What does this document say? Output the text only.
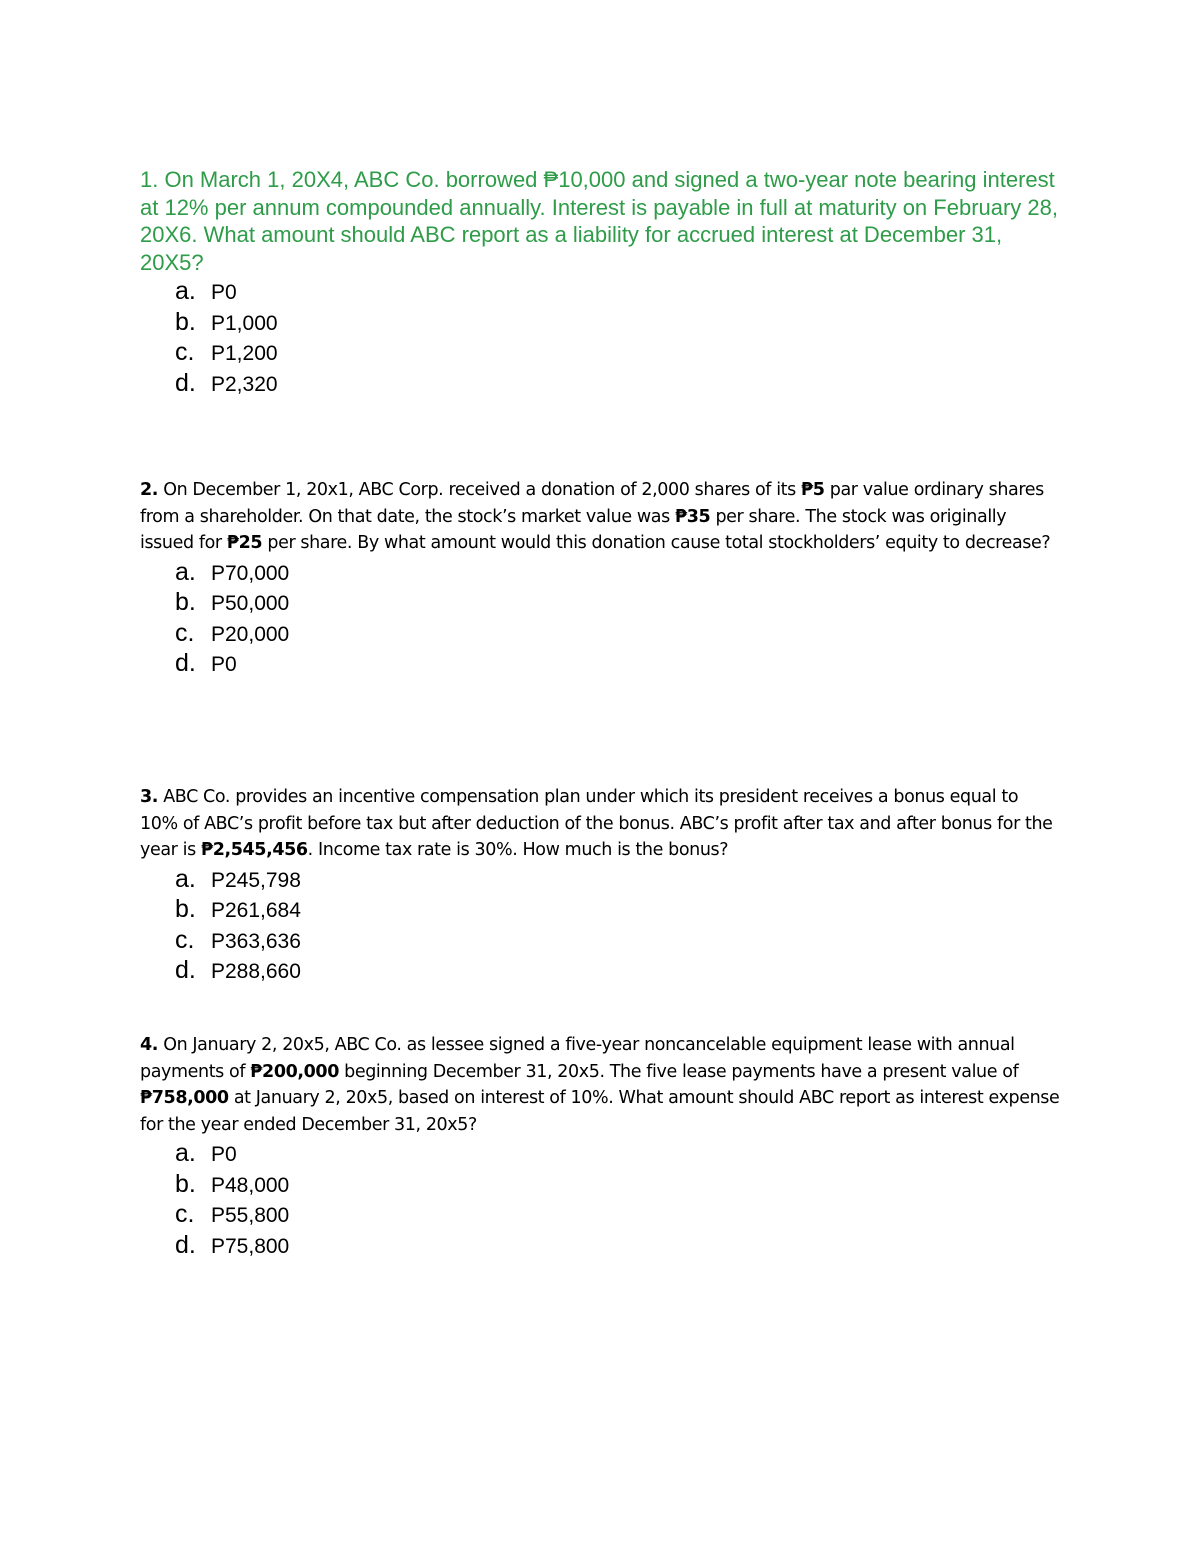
1. On March 1, 20X4, ABC Co. borrowed ₱10,000 and signed a two-year note bearing interest at 12% per annum compounded annually. Interest is payable in full at maturity on February 28, 20X6. What amount should ABC report as a liability for accrued interest at December 31, 20X5?

a. P0
b. P1,000
c. P1,200
d. P2,320

2. On December 1, 20x1, ABC Corp. received a donation of 2,000 shares of its ₱5 par value ordinary shares from a shareholder. On that date, the stock’s market value was ₱35 per share. The stock was originally issued for ₱25 per share. By what amount would this donation cause total stockholders’ equity to decrease?

a. P70,000
b. P50,000
c. P20,000
d. P0

3. ABC Co. provides an incentive compensation plan under which its president receives a bonus equal to 10% of ABC’s profit before tax but after deduction of the bonus. ABC’s profit after tax and after bonus for the year is ₱2,545,456. Income tax rate is 30%. How much is the bonus?

a. P245,798
b. P261,684
c. P363,636
d. P288,660

4. On January 2, 20x5, ABC Co. as lessee signed a five-year noncancelable equipment lease with annual payments of ₱200,000 beginning December 31, 20x5. The five lease payments have a present value of ₱758,000 at January 2, 20x5, based on interest of 10%. What amount should ABC report as interest expense for the year ended December 31, 20x5?

a. P0
b. P48,000
c. P55,800
d. P75,800
